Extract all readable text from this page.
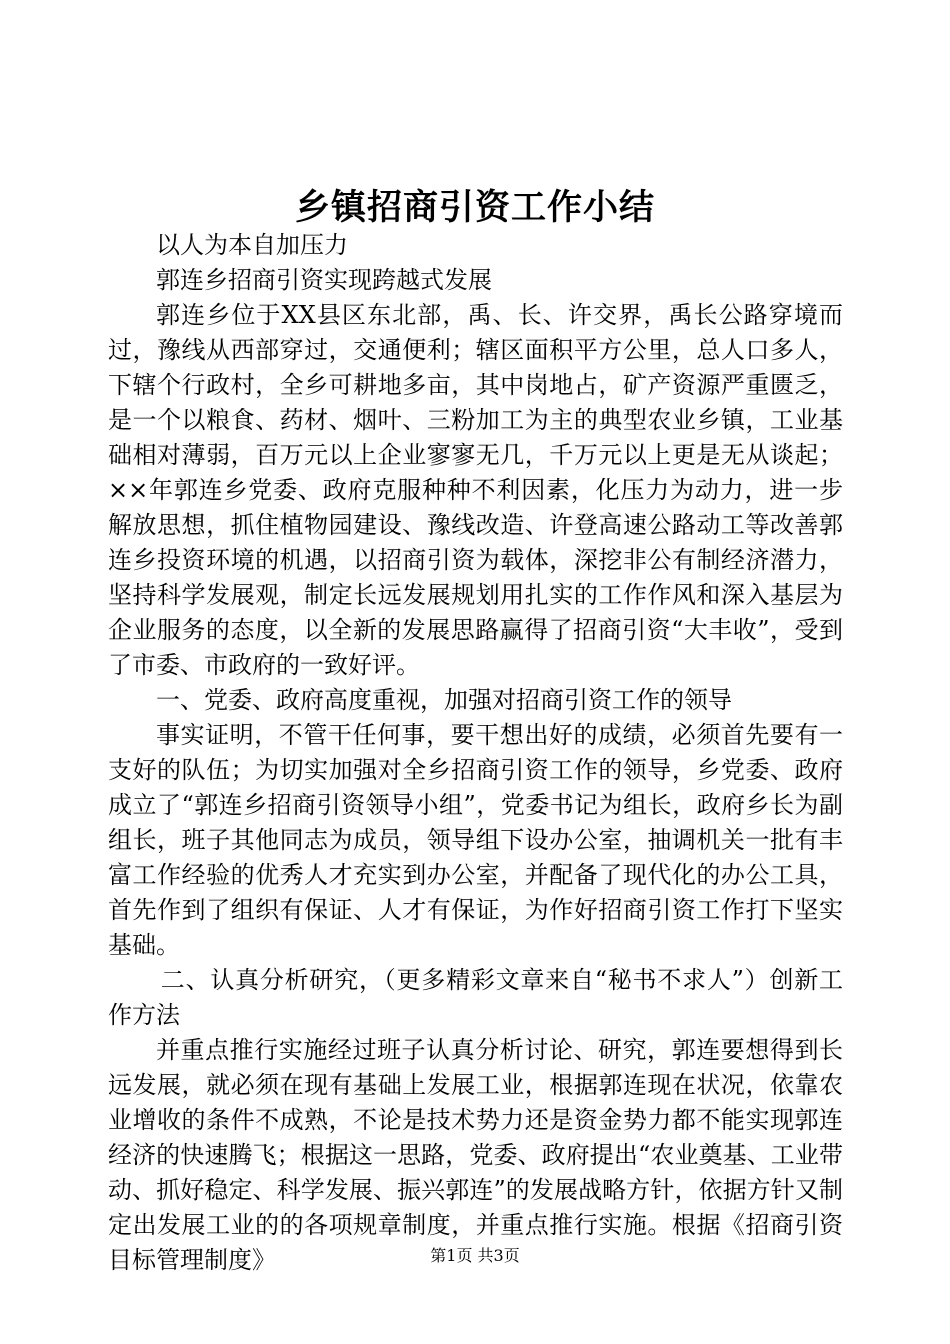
乡镇招商引资工作小结

以人为本自加压力

郭连乡招商引资实现跨越式发展

郭连乡位于XX县区东北部，禹、长、许交界，禹长公路穿境而过，豫线从西部穿过，交通便利；辖区面积平方公里，总人口多人，下辖个行政村，全乡可耕地多亩，其中岗地占，矿产资源严重匮乏，是一个以粮食、药材、烟叶、三粉加工为主的典型农业乡镇，工业基础相对薄弱，百万元以上企业寥寥无几，千万元以上更是无从谈起；××年郭连乡党委、政府克服种种不利因素，化压力为动力，进一步解放思想，抓住植物园建设、豫线改造、许登高速公路动工等改善郭连乡投资环境的机遇，以招商引资为载体，深挖非公有制经济潜力，坚持科学发展观，制定长远发展规划用扎实的工作作风和深入基层为企业服务的态度，以全新的发展思路赢得了招商引资“大丰收”，受到了市委、市政府的一致好评。

一、党委、政府高度重视，加强对招商引资工作的领导

事实证明，不管干任何事，要干想出好的成绩，必须首先要有一支好的队伍；为切实加强对全乡招商引资工作的领导，乡党委、政府成立了“郭连乡招商引资领导小组”，党委书记为组长，政府乡长为副组长，班子其他同志为成员，领导组下设办公室，抽调机关一批有丰富工作经验的优秀人才充实到办公室，并配备了现代化的办公工具，首先作到了组织有保证、人才有保证，为作好招商引资工作打下坚实基础。

二、认真分析研究，（更多精彩文章来自“秘书不求人”）创新工作方法

并重点推行实施经过班子认真分析讨论、研究，郭连要想得到长远发展，就必须在现有基础上发展工业，根据郭连现在状况，依靠农业增收的条件不成熟，不论是技术势力还是资金势力都不能实现郭连经济的快速腾飞；根据这一思路，党委、政府提出“农业奠基、工业带动、抓好稳定、科学发展、振兴郭连”的发展战略方针，依据方针又制定出发展工业的的各项规章制度，并重点推行实施。根据《招商引资目标管理制度》	第1页 共3页
